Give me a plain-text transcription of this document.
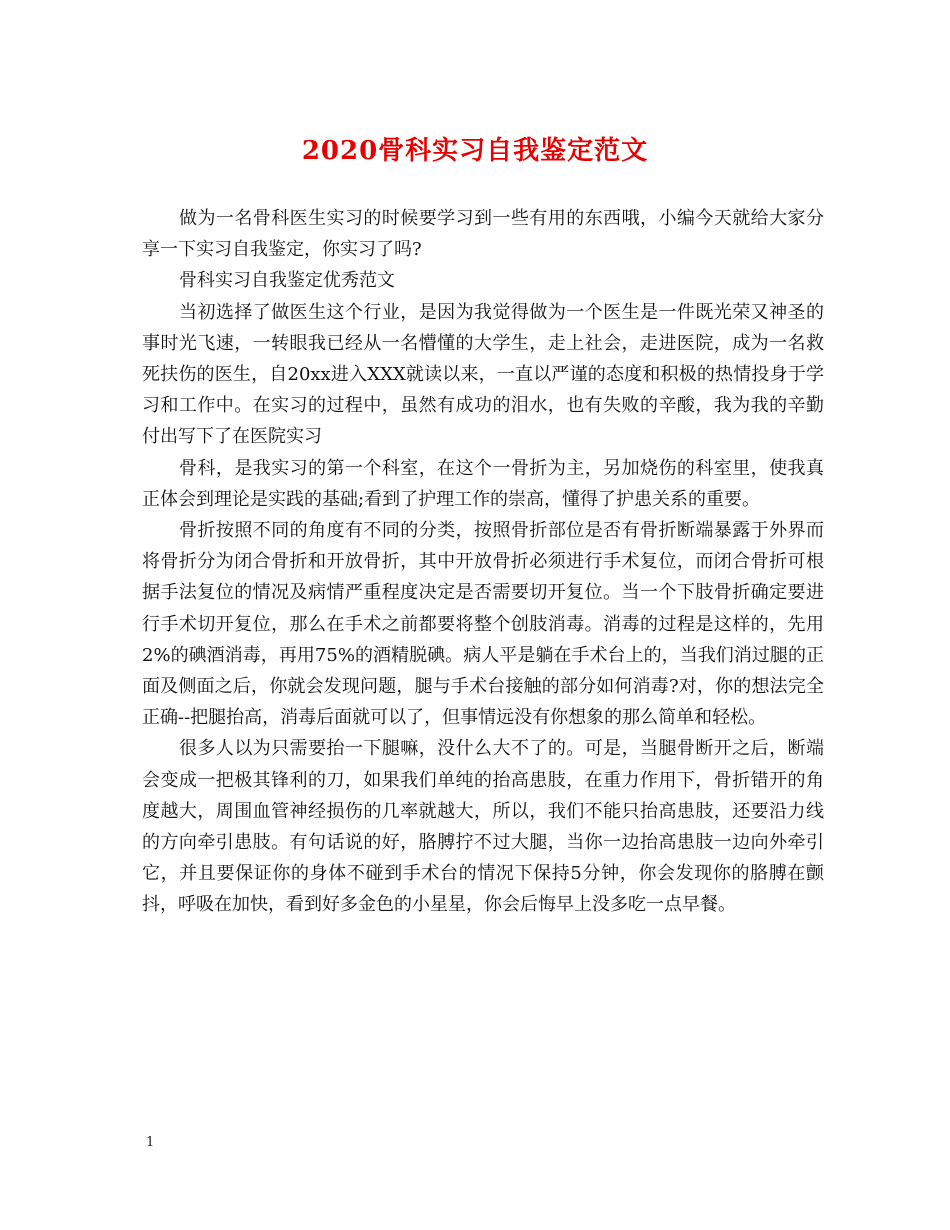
2020骨科实习自我鉴定范文

做为一名骨科医生实习的时候要学习到一些有用的东西哦，小编今天就给大家分享一下实习自我鉴定，你实习了吗?

骨科实习自我鉴定优秀范文

当初选择了做医生这个行业，是因为我觉得做为一个医生是一件既光荣又神圣的事时光飞速，一转眼我已经从一名懵懂的大学生，走上社会，走进医院，成为一名救死扶伤的医生，自20xx进入XXX就读以来，一直以严谨的态度和积极的热情投身于学习和工作中。在实习的过程中，虽然有成功的泪水，也有失败的辛酸，我为我的辛勤付出写下了在医院实习

骨科，是我实习的第一个科室，在这个一骨折为主，另加烧伤的科室里，使我真正体会到理论是实践的基础;看到了护理工作的崇高，懂得了护患关系的重要。

骨折按照不同的角度有不同的分类，按照骨折部位是否有骨折断端暴露于外界而将骨折分为闭合骨折和开放骨折，其中开放骨折必须进行手术复位，而闭合骨折可根据手法复位的情况及病情严重程度决定是否需要切开复位。当一个下肢骨折确定要进行手术切开复位，那么在手术之前都要将整个创肢消毒。消毒的过程是这样的，先用2%的碘酒消毒，再用75%的酒精脱碘。病人平是躺在手术台上的，当我们消过腿的正面及侧面之后，你就会发现问题，腿与手术台接触的部分如何消毒?对，你的想法完全正确--把腿抬高，消毒后面就可以了，但事情远没有你想象的那么简单和轻松。

很多人以为只需要抬一下腿嘛，没什么大不了的。可是，当腿骨断开之后，断端会变成一把极其锋利的刀，如果我们单纯的抬高患肢，在重力作用下，骨折错开的角度越大，周围血管神经损伤的几率就越大，所以，我们不能只抬高患肢，还要沿力线的方向牵引患肢。有句话说的好，胳膊拧不过大腿，当你一边抬高患肢一边向外牵引它，并且要保证你的身体不碰到手术台的情况下保持5分钟，你会发现你的胳膊在颤抖，呼吸在加快，看到好多金色的小星星，你会后悔早上没多吃一点早餐。

1
